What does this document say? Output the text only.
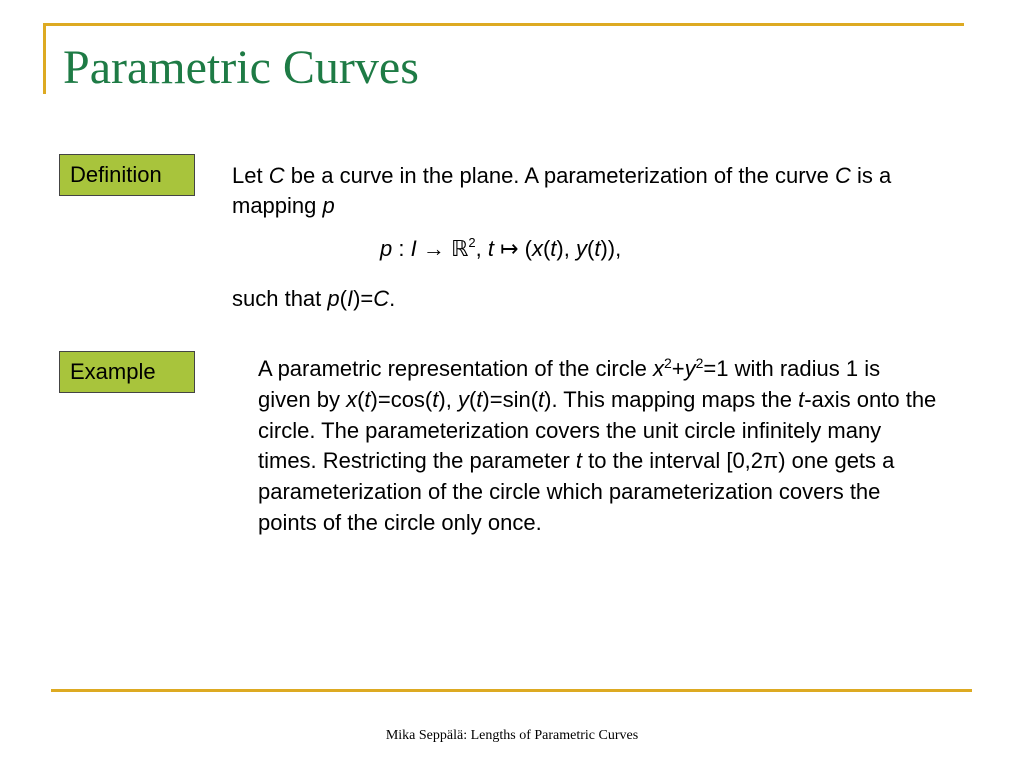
Parametric Curves
Definition	Let C be a curve in the plane. A parameterization of the curve C is a mapping p

p : I → ℝ$^2$, t ↦ (x(t), y(t)),
such that p(I)=C.
Example	A parametric representation of the circle $x^2+y^2=1$ with radius 1 is given by x(t)=cos(t), y(t)=sin(t). This mapping maps the t-axis onto the circle. The parameterization covers the unit circle infinitely many times. Restricting the parameter t to the interval [0,2π) one gets a parameterization of the circle which parameterization covers the points of the circle only once.

Mika Seppälä: Lengths of Parametric Curves
